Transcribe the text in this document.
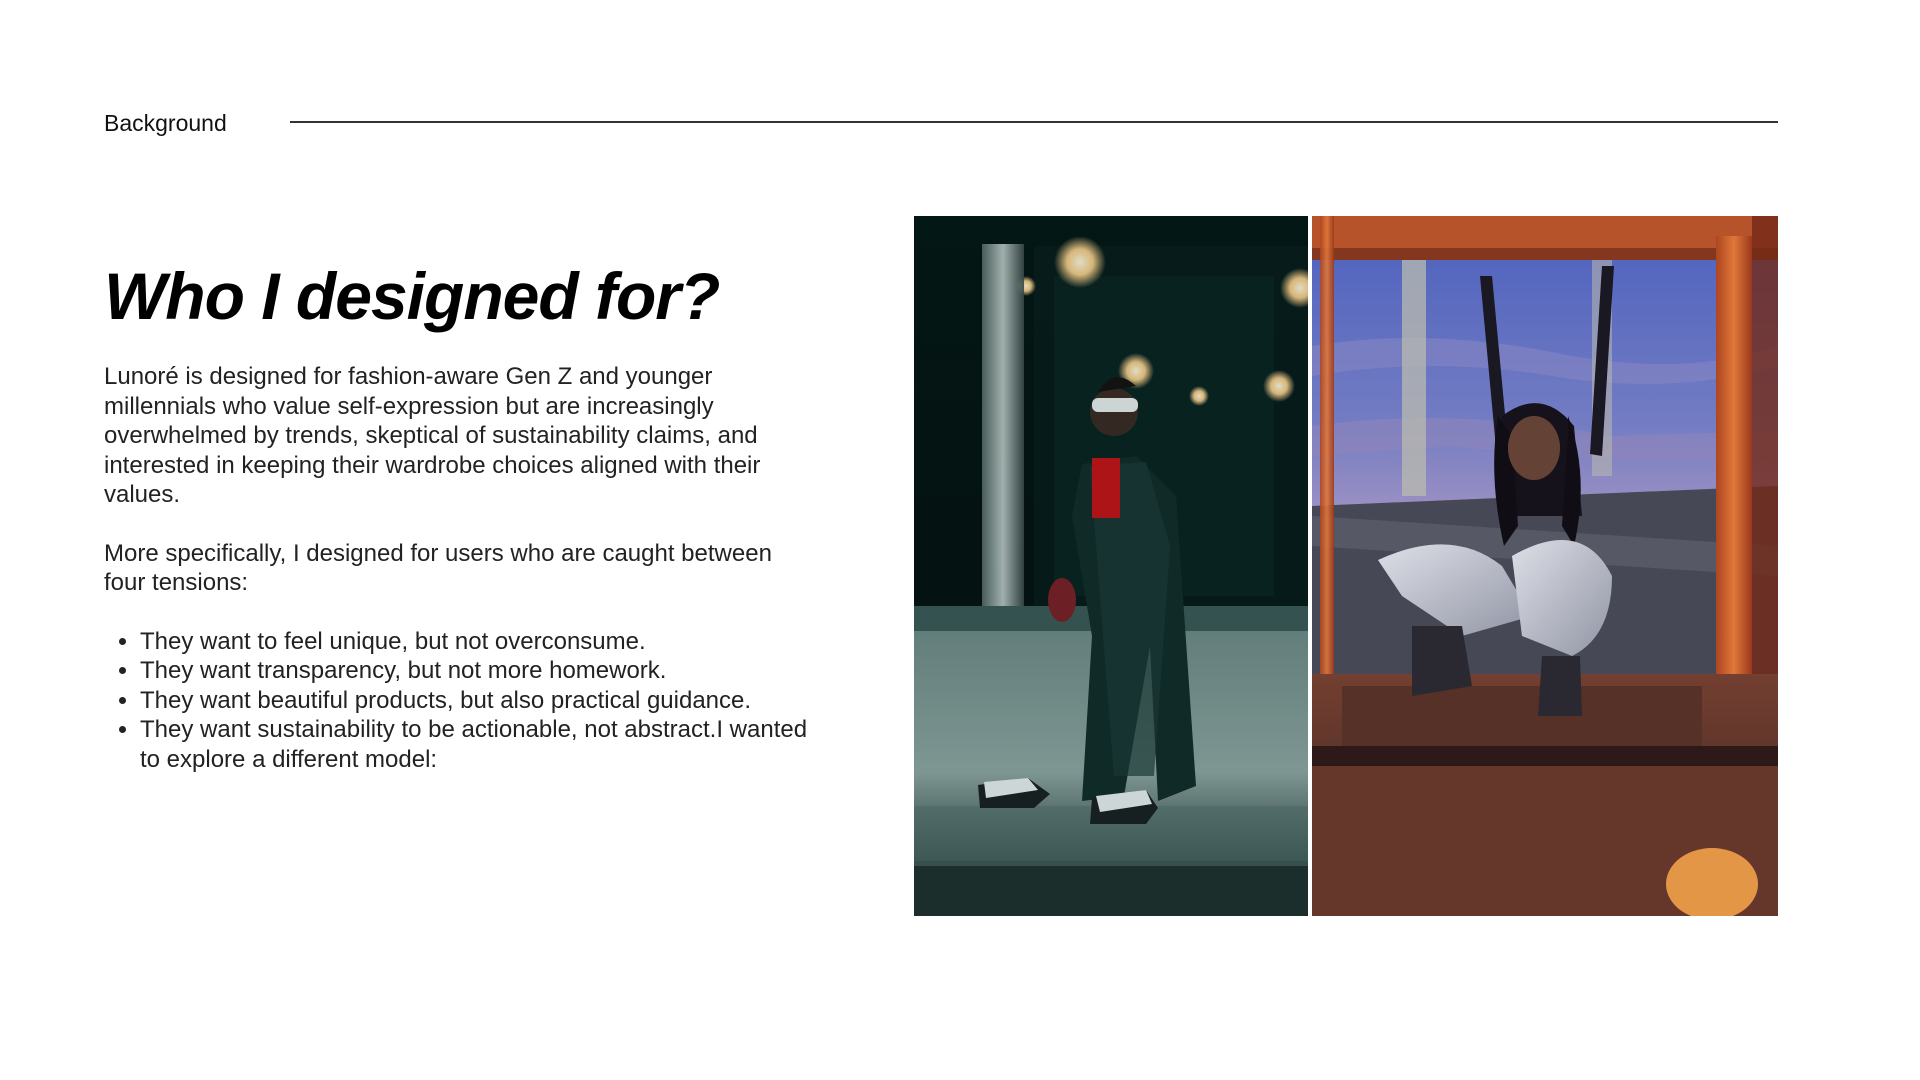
Background
Who I designed for?

Lunoré is designed for fashion-aware Gen Z and younger millennials who value self-expression but are increasingly overwhelmed by trends, skeptical of sustainability claims, and interested in keeping their wardrobe choices aligned with their values.

More specifically, I designed for users who are caught between four tensions:

• They want to feel unique, but not overconsume.
• They want transparency, but not more homework.
• They want beautiful products, but also practical guidance.
• They want sustainability to be actionable, not abstract.I wanted to explore a different model:
